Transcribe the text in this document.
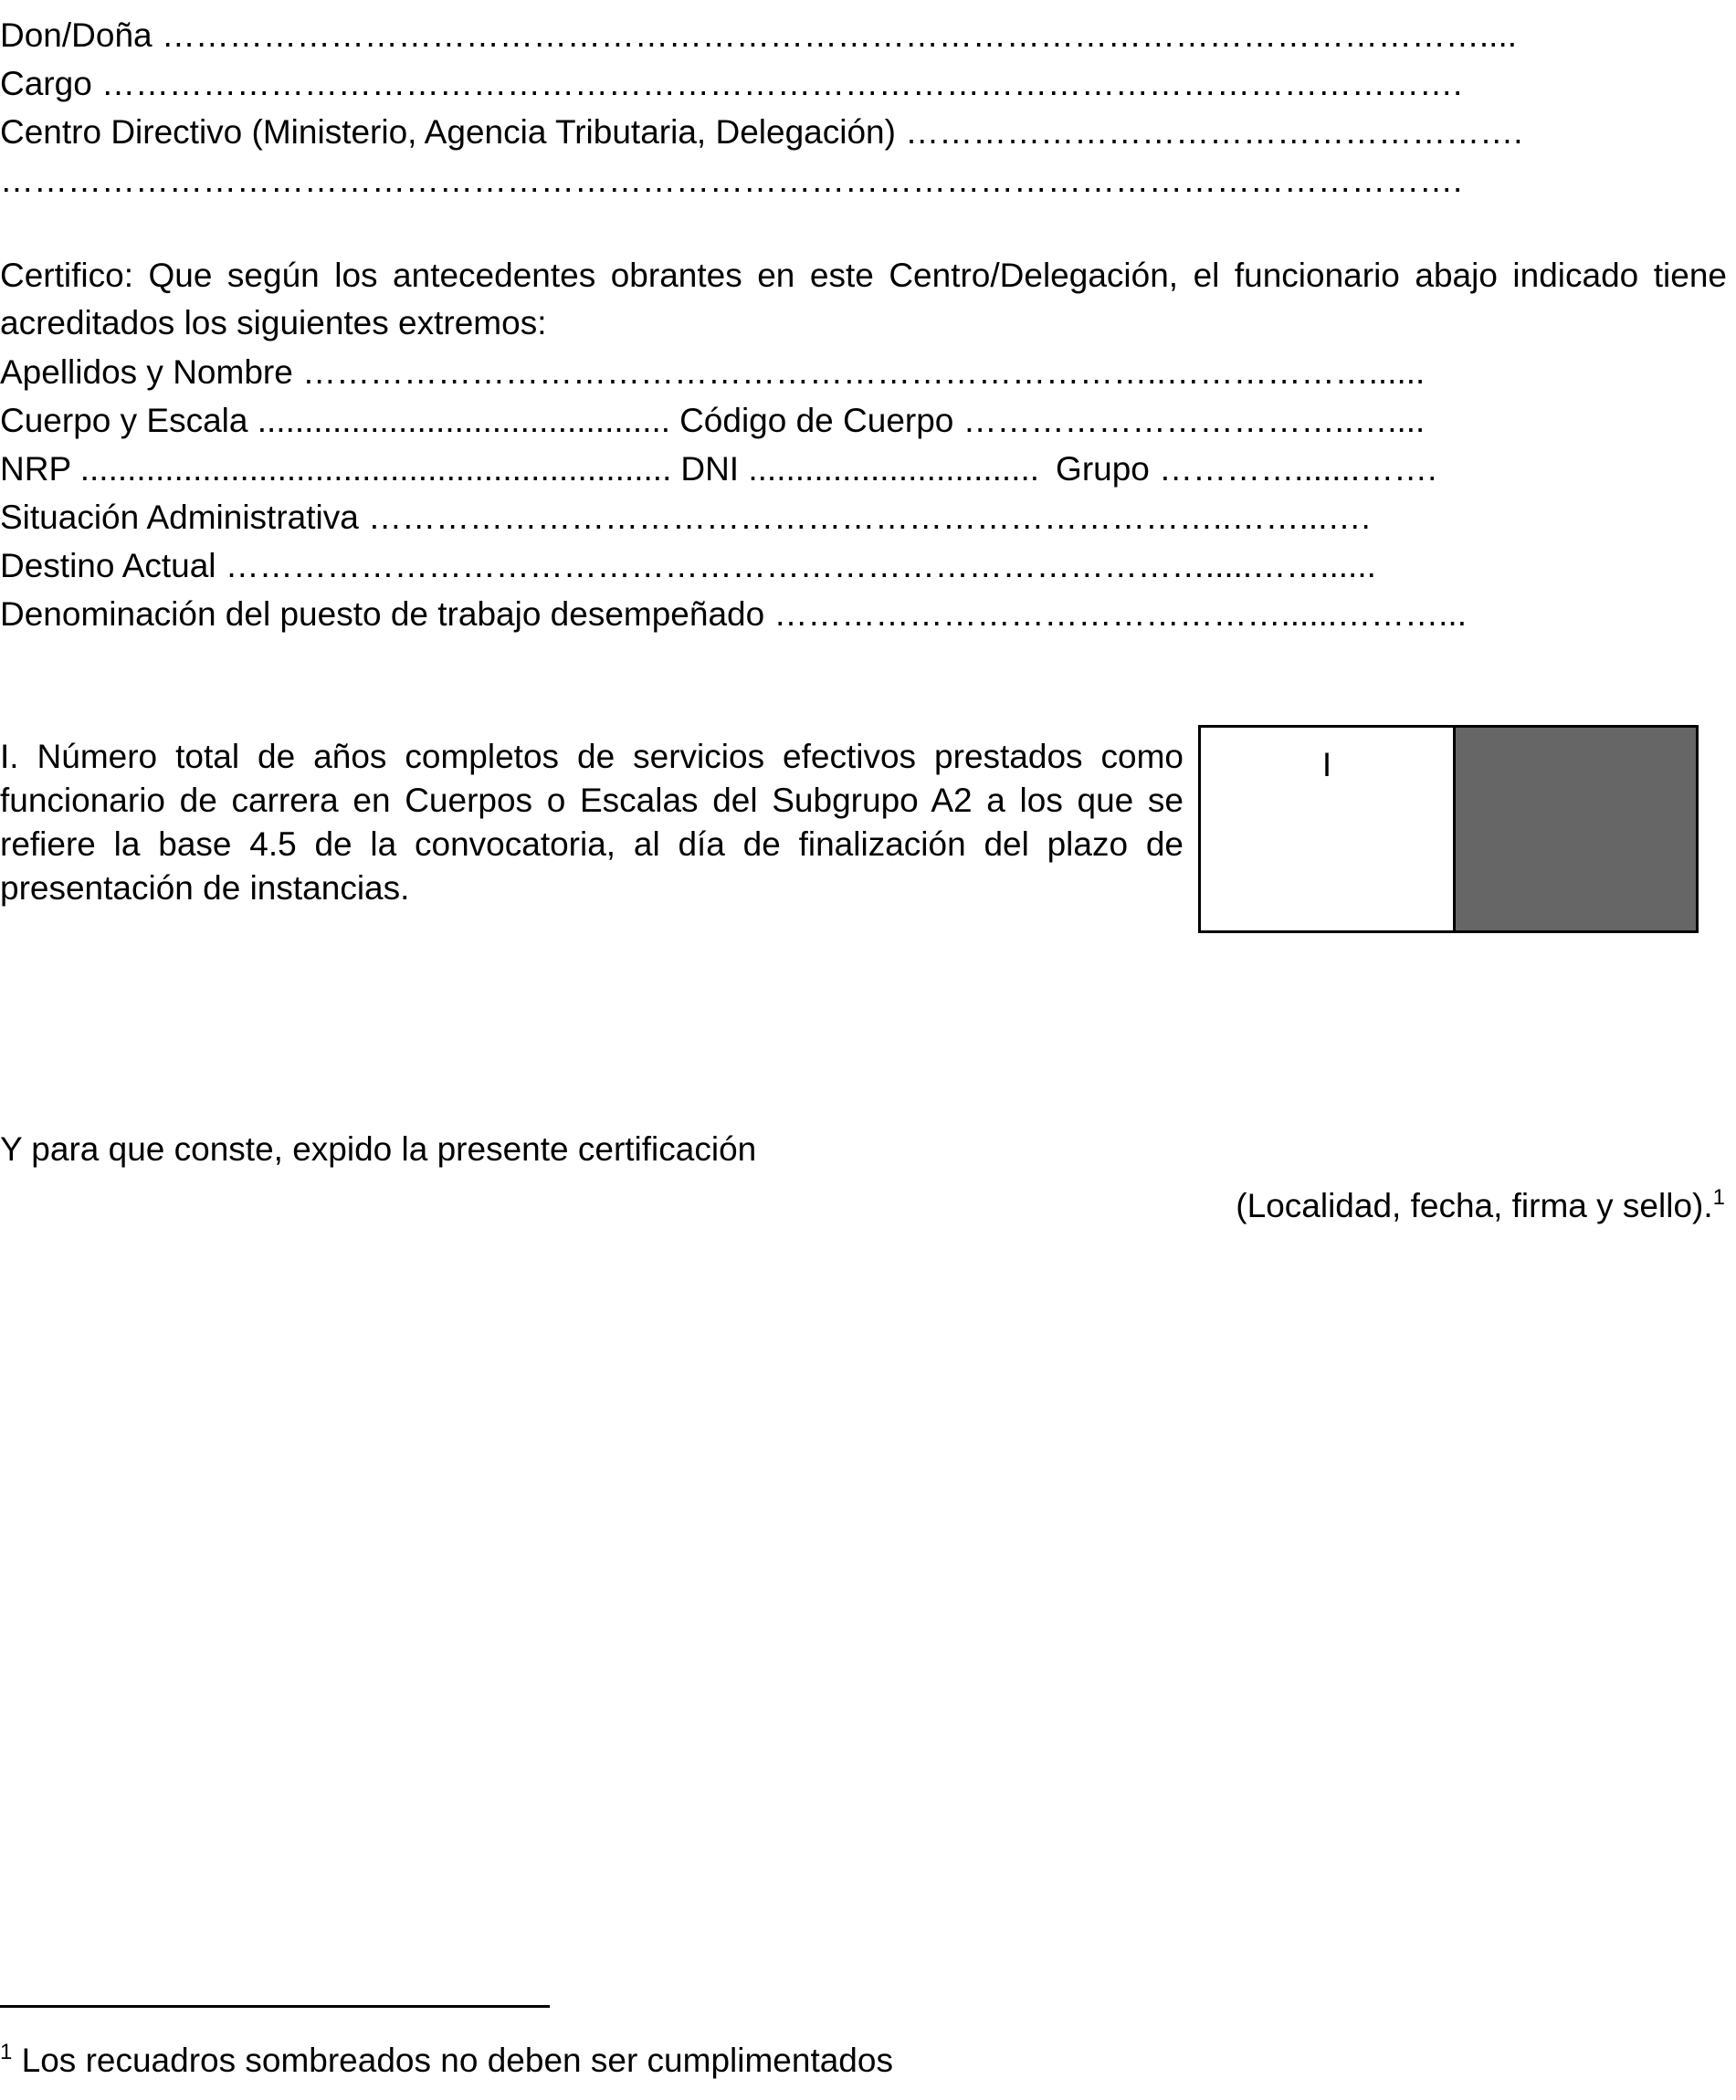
Don/Doña ………………………………………………………………………………………………………....
Cargo ………………………………………………………………………………………………………….
Centro Directivo (Ministerio, Agencia Tributaria, Delegación) ……………………………………………….
………………………………………………………………………………………………………………….
Certifico: Que según los antecedentes obrantes en este Centro/Delegación, el funcionario abajo indicado tiene acreditados los siguientes extremos:
Apellidos y Nombre …………………………………………………………………..………………......
Cuerpo y Escala ............................................ Código de Cuerpo ……………………………..…....
NRP ............................................................... DNI ............................... Grupo ………….......…….
Situación Administrativa …………………………………………………………………..……...….
Destino Actual …………………………………………………………………………….....……......
Denominación del puesto de trabajo desempeñado ………………………………………......………...
I. Número total de años completos de servicios efectivos prestados como funcionario de carrera en Cuerpos o Escalas del Subgrupo A2 a los que se refiere la base 4.5 de la convocatoria, al día de finalización del plazo de presentación de instancias.
I
Y para que conste, expido la presente certificación
(Localidad, fecha, firma y sello).$^1$
$^1$ Los recuadros sombreados no deben ser cumplimentados
